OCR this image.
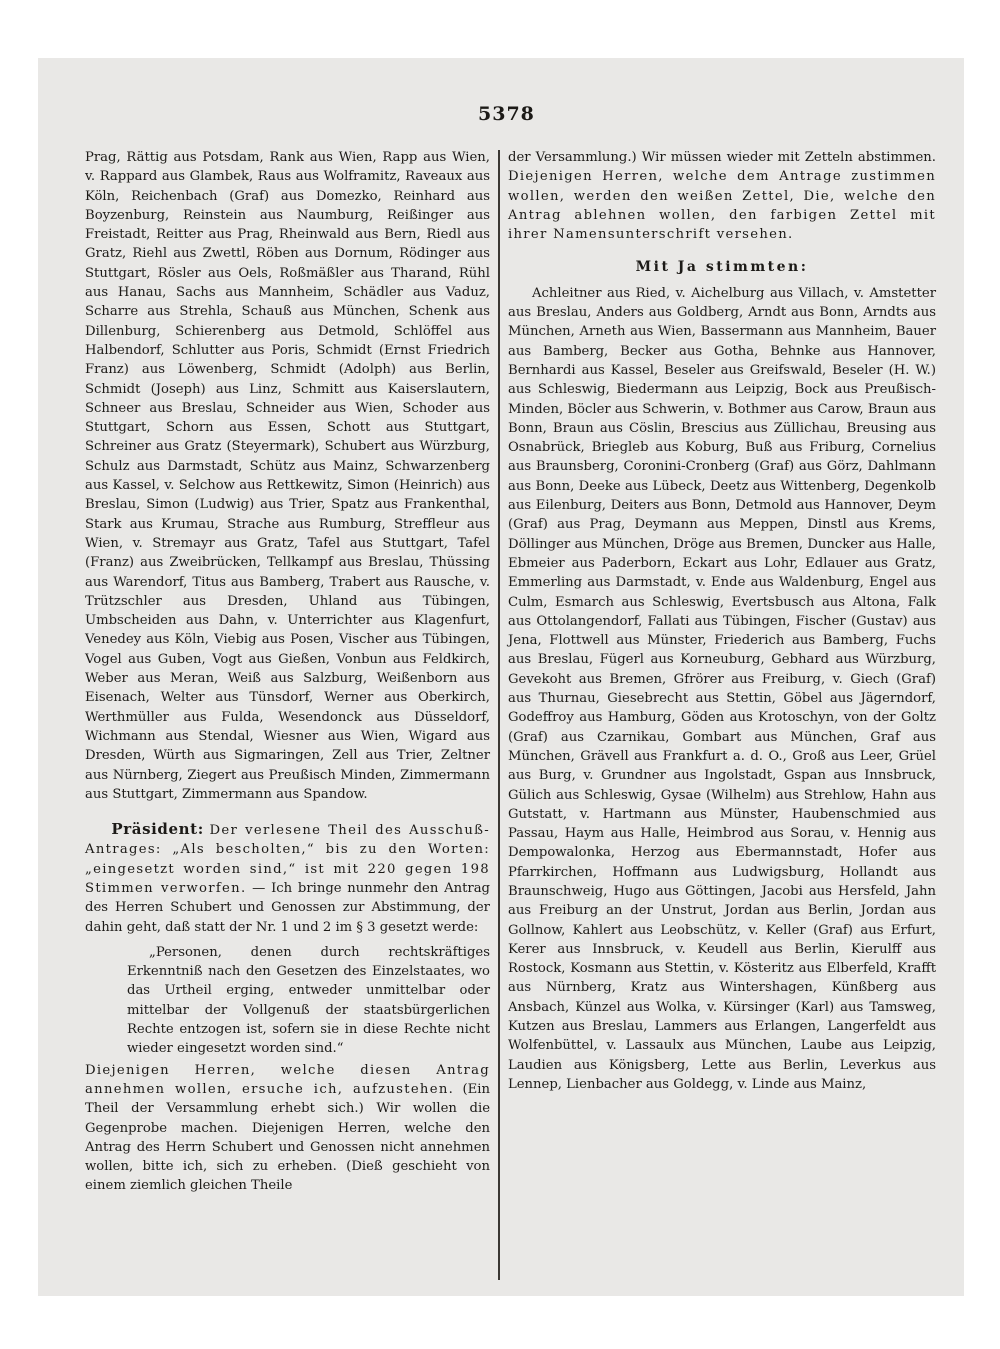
5378

Prag, Rättig aus Potsdam, Rank aus Wien, Rapp aus Wien, v. Rappard aus Glambek, Raus aus Wolframitz, Raveaux aus Köln, Reichenbach (Graf) aus Domezko, Reinhard aus Boyzenburg, Reinstein aus Naumburg, Reißinger aus Freistadt, Reitter aus Prag, Rheinwald aus Bern, Riedl aus Gratz, Riehl aus Zwettl, Röben aus Dornum, Rödinger aus Stuttgart, Rösler aus Oels, Roßmäßler aus Tharand, Rühl aus Hanau, Sachs aus Mannheim, Schädler aus Vaduz, Scharre aus Strehla, Schauß aus München, Schenk aus Dillenburg, Schierenberg aus Detmold, Schlöffel aus Halbendorf, Schlutter aus Poris, Schmidt (Ernst Friedrich Franz) aus Löwenberg, Schmidt (Adolph) aus Berlin, Schmidt (Joseph) aus Linz, Schmitt aus Kaiserslautern, Schneer aus Breslau, Schneider aus Wien, Schoder aus Stuttgart, Schorn aus Essen, Schott aus Stuttgart, Schreiner aus Gratz (Steyermark), Schubert aus Würzburg, Schulz aus Darmstadt, Schütz aus Mainz, Schwarzenberg aus Kassel, v. Selchow aus Rettkewitz, Simon (Heinrich) aus Breslau, Simon (Ludwig) aus Trier, Spatz aus Frankenthal, Stark aus Krumau, Strache aus Rumburg, Streffleur aus Wien, v. Stremayr aus Gratz, Tafel aus Stuttgart, Tafel (Franz) aus Zweibrücken, Tellkampf aus Breslau, Thüssing aus Warendorf, Titus aus Bamberg, Trabert aus Rausche, v. Trützschler aus Dresden, Uhland aus Tübingen, Umbscheiden aus Dahn, v. Unterrichter aus Klagenfurt, Venedey aus Köln, Viebig aus Posen, Vischer aus Tübingen, Vogel aus Guben, Vogt aus Gießen, Vonbun aus Feldkirch, Weber aus Meran, Weiß aus Salzburg, Weißenborn aus Eisenach, Welter aus Tünsdorf, Werner aus Oberkirch, Werthmüller aus Fulda, Wesendonck aus Düsseldorf, Wichmann aus Stendal, Wiesner aus Wien, Wigard aus Dresden, Würth aus Sigmaringen, Zell aus Trier, Zeltner aus Nürnberg, Ziegert aus Preußisch Minden, Zimmermann aus Stuttgart, Zimmermann aus Spandow.

Präsident: Der verlesene Theil des Ausschuß-Antrages: „Als bescholten,“ bis zu den Worten: „eingesetzt worden sind,“ ist mit 220 gegen 198 Stimmen verworfen. — Ich bringe nunmehr den Antrag des Herren Schubert und Genossen zur Abstimmung, der dahin geht, daß statt der Nr. 1 und 2 im § 3 gesetzt werde:

„Personen, denen durch rechtskräftiges Erkenntniß nach den Gesetzen des Einzelstaates, wo das Urtheil erging, entweder unmittelbar oder mittelbar der Vollgenuß der staatsbürgerlichen Rechte entzogen ist, sofern sie in diese Rechte nicht wieder eingesetzt worden sind.“

Diejenigen Herren, welche diesen Antrag annehmen wollen, ersuche ich, aufzustehen. (Ein Theil der Versammlung erhebt sich.) Wir wollen die Gegenprobe machen. Diejenigen Herren, welche den Antrag des Herrn Schubert und Genossen nicht annehmen wollen, bitte ich, sich zu erheben. (Dieß geschieht von einem ziemlich gleichen Theile

der Versammlung.) Wir müssen wieder mit Zetteln abstimmen. Diejenigen Herren, welche dem Antrage zustimmen wollen, werden den weißen Zettel, Die, welche den Antrag ablehnen wollen, den farbigen Zettel mit ihrer Namensunterschrift versehen.

Mit Ja stimmten:

Achleitner aus Ried, v. Aichelburg aus Villach, v. Amstetter aus Breslau, Anders aus Goldberg, Arndt aus Bonn, Arndts aus München, Arneth aus Wien, Bassermann aus Mannheim, Bauer aus Bamberg, Becker aus Gotha, Behnke aus Hannover, Bernhardi aus Kassel, Beseler aus Greifswald, Beseler (H. W.) aus Schleswig, Biedermann aus Leipzig, Bock aus Preußisch-Minden, Böcler aus Schwerin, v. Bothmer aus Carow, Braun aus Bonn, Braun aus Cöslin, Brescius aus Züllichau, Breusing aus Osnabrück, Briegleb aus Koburg, Buß aus Friburg, Cornelius aus Braunsberg, Coronini-Cronberg (Graf) aus Görz, Dahlmann aus Bonn, Deeke aus Lübeck, Deetz aus Wittenberg, Degenkolb aus Eilenburg, Deiters aus Bonn, Detmold aus Hannover, Deym (Graf) aus Prag, Deymann aus Meppen, Dinstl aus Krems, Döllinger aus München, Dröge aus Bremen, Duncker aus Halle, Ebmeier aus Paderborn, Eckart aus Lohr, Edlauer aus Gratz, Emmerling aus Darmstadt, v. Ende aus Waldenburg, Engel aus Culm, Esmarch aus Schleswig, Evertsbusch aus Altona, Falk aus Ottolangendorf, Fallati aus Tübingen, Fischer (Gustav) aus Jena, Flottwell aus Münster, Friederich aus Bamberg, Fuchs aus Breslau, Fügerl aus Korneuburg, Gebhard aus Würzburg, Gevekoht aus Bremen, Gfrörer aus Freiburg, v. Giech (Graf) aus Thurnau, Giesebrecht aus Stettin, Göbel aus Jägerndorf, Godeffroy aus Hamburg, Göden aus Krotoschyn, von der Goltz (Graf) aus Czarnikau, Gombart aus München, Graf aus München, Grävell aus Frankfurt a. d. O., Groß aus Leer, Grüel aus Burg, v. Grundner aus Ingolstadt, Gspan aus Innsbruck, Gülich aus Schleswig, Gysae (Wilhelm) aus Strehlow, Hahn aus Gutstatt, v. Hartmann aus Münster, Haubenschmied aus Passau, Haym aus Halle, Heimbrod aus Sorau, v. Hennig aus Dempowalonka, Herzog aus Ebermannstadt, Hofer aus Pfarrkirchen, Hoffmann aus Ludwigsburg, Hollandt aus Braunschweig, Hugo aus Göttingen, Jacobi aus Hersfeld, Jahn aus Freiburg an der Unstrut, Jordan aus Berlin, Jordan aus Gollnow, Kahlert aus Leobschütz, v. Keller (Graf) aus Erfurt, Kerer aus Innsbruck, v. Keudell aus Berlin, Kierulff aus Rostock, Kosmann aus Stettin, v. Kösteritz aus Elberfeld, Krafft aus Nürnberg, Kratz aus Wintershagen, Künßberg aus Ansbach, Künzel aus Wolka, v. Kürsinger (Karl) aus Tamsweg, Kutzen aus Breslau, Lammers aus Erlangen, Langerfeldt aus Wolfenbüttel, v. Lassaulx aus München, Laube aus Leipzig, Laudien aus Königsberg, Lette aus Berlin, Leverkus aus Lennep, Lienbacher aus Goldegg, v. Linde aus Mainz,
